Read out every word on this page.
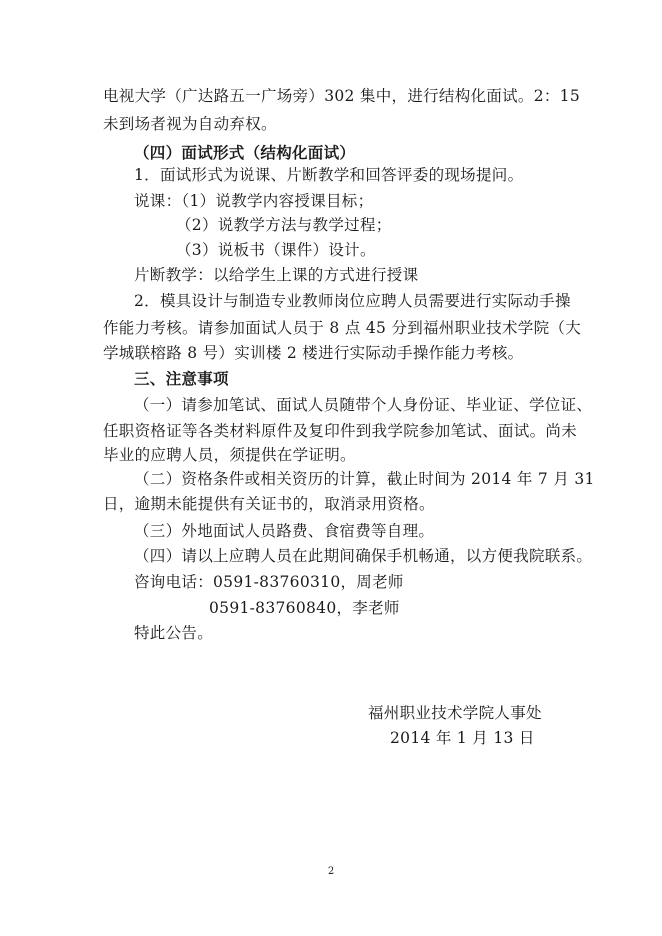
电视大学（广达路五一广场旁）302 集中，进行结构化面试。2：15
未到场者视为自动弃权。
（四）面试形式（结构化面试）
1．面试形式为说课、片断教学和回答评委的现场提问。
说课：（1）说教学内容授课目标；
（2）说教学方法与教学过程；
（3）说板书（课件）设计。
片断教学：以给学生上课的方式进行授课
2．模具设计与制造专业教师岗位应聘人员需要进行实际动手操
作能力考核。请参加面试人员于 8 点 45 分到福州职业技术学院（大
学城联榕路 8 号）实训楼 2 楼进行实际动手操作能力考核。
三、注意事项
（一）请参加笔试、面试人员随带个人身份证、毕业证、学位证、
任职资格证等各类材料原件及复印件到我学院参加笔试、面试。尚未
毕业的应聘人员，须提供在学证明。
（二）资格条件或相关资历的计算，截止时间为 2014 年 7 月 31
日，逾期未能提供有关证书的，取消录用资格。
（三）外地面试人员路费、食宿费等自理。
（四）请以上应聘人员在此期间确保手机畅通，以方便我院联系。
咨询电话：0591-83760310，周老师
0591-83760840，李老师
特此公告。
福州职业技术学院人事处
2014 年 1 月 13 日
2
